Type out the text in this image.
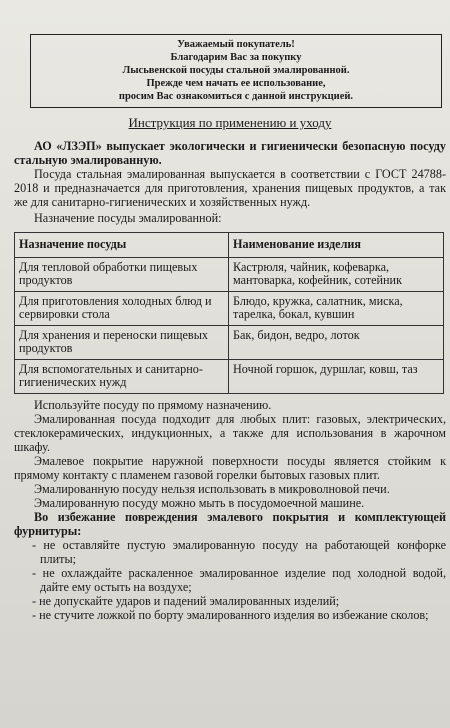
Уважаемый покупатель!
Благодарим Вас за покупку
Лысьвенской посуды стальной эмалированной.
Прежде чем начать ее использование,
просим Вас ознакомиться с данной инструкцией.
Инструкция по применению и уходу

АО «ЛЗЭП» выпускает экологически и гигиенически безопасную посуду стальную эмалированную.

Посуда стальная эмалированная выпускается в соответствии с ГОСТ 24788-2018 и предназначается для приготовления, хранения пищевых продуктов, а так же для санитарно-гигиенических и хозяйственных нужд.

Назначение посуды эмалированной:
Назначение посуды	Наименование изделия
Для тепловой обработки пищевых продуктов	Кастрюля, чайник, кофеварка, мантоварка, кофейник, сотейник
Для приготовления холодных блюд и сервировки стола	Блюдо, кружка, салатник, миска, тарелка, бокал, кувшин
Для хранения и переноски пищевых продуктов	Бак, бидон, ведро, лоток
Для вспомогательных и санитарно-гигиенических нужд	Ночной горшок, дуршлаг, ковш, таз

Используйте посуду по прямому назначению.

Эмалированная посуда подходит для любых плит: газовых, электрических, стеклокерамических, индукционных, а также для использования в жарочном шкафу.

Эмалевое покрытие наружной поверхности посуды является стойким к прямому контакту с пламенем газовой горелки бытовых газовых плит.

Эмалированную посуду нельзя использовать в микроволновой печи.

Эмалированную посуду можно мыть в посудомоечной машине.

Во избежание повреждения эмалевого покрытия и комплектующей фурнитуры:

- не оставляйте пустую эмалированную посуду на работающей конфорке плиты;

- не охлаждайте раскаленное эмалированное изделие под холодной водой, дайте ему остыть на воздухе;

- не допускайте ударов и падений эмалированных изделий;

- не стучите ложкой по борту эмалированного изделия во избежание сколов;
